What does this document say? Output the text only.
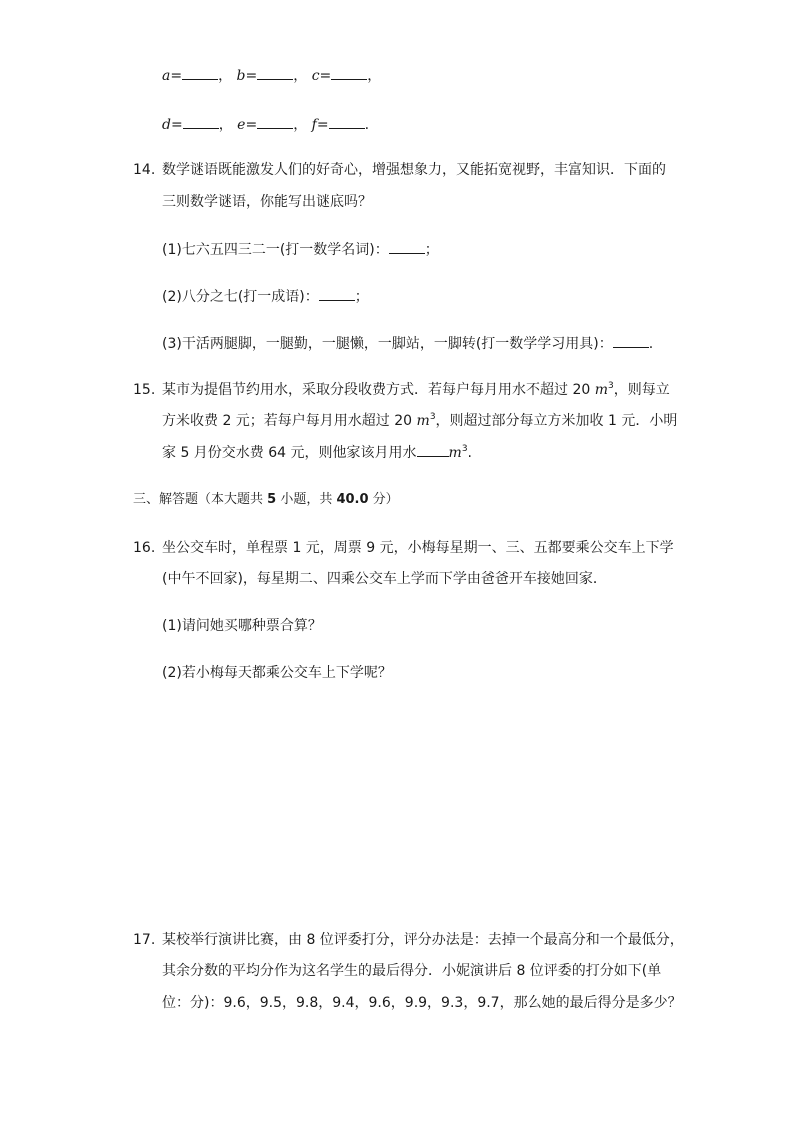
a=	， b=	， c=	，
d=	， e=	， f=	.
14. 数学谜语既能激发人们的好奇心，增强想象力，又能拓宽视野，丰富知识．下面的
三则数学谜语，你能写出谜底吗？
(1)七六五四三二一(打一数学名词)：	；
(2)八分之七(打一成语)：	；
(3)干活两腿脚，一腿勤，一腿懒，一脚站，一脚转(打一数学学习用具)：	.
15. 某市为提倡节约用水，采取分段收费方式．若每户每月用水不超过 20 $m^3$，则每立
方米收费 2 元；若每户每月用水超过 20 $m^3$，则超过部分每立方米加收 1 元．小明
家 5 月份交水费 64 元，则他家该月用水 $m^3$.
三、解答题（本大题共 5 小题，共 40.0 分）
16. 坐公交车时，单程票 1 元，周票 9 元，小梅每星期一、三、五都要乘公交车上下学
(中午不回家)，每星期二、四乘公交车上学而下学由爸爸开车接她回家．
(1)请问她买哪种票合算？
(2)若小梅每天都乘公交车上下学呢？
17. 某校举行演讲比赛，由 8 位评委打分，评分办法是：去掉一个最高分和一个最低分，
其余分数的平均分作为这名学生的最后得分．小妮演讲后 8 位评委的打分如下(单
位：分)：9.6，9.5，9.8，9.4，9.6，9.9，9.3，9.7，那么她的最后得分是多少？
